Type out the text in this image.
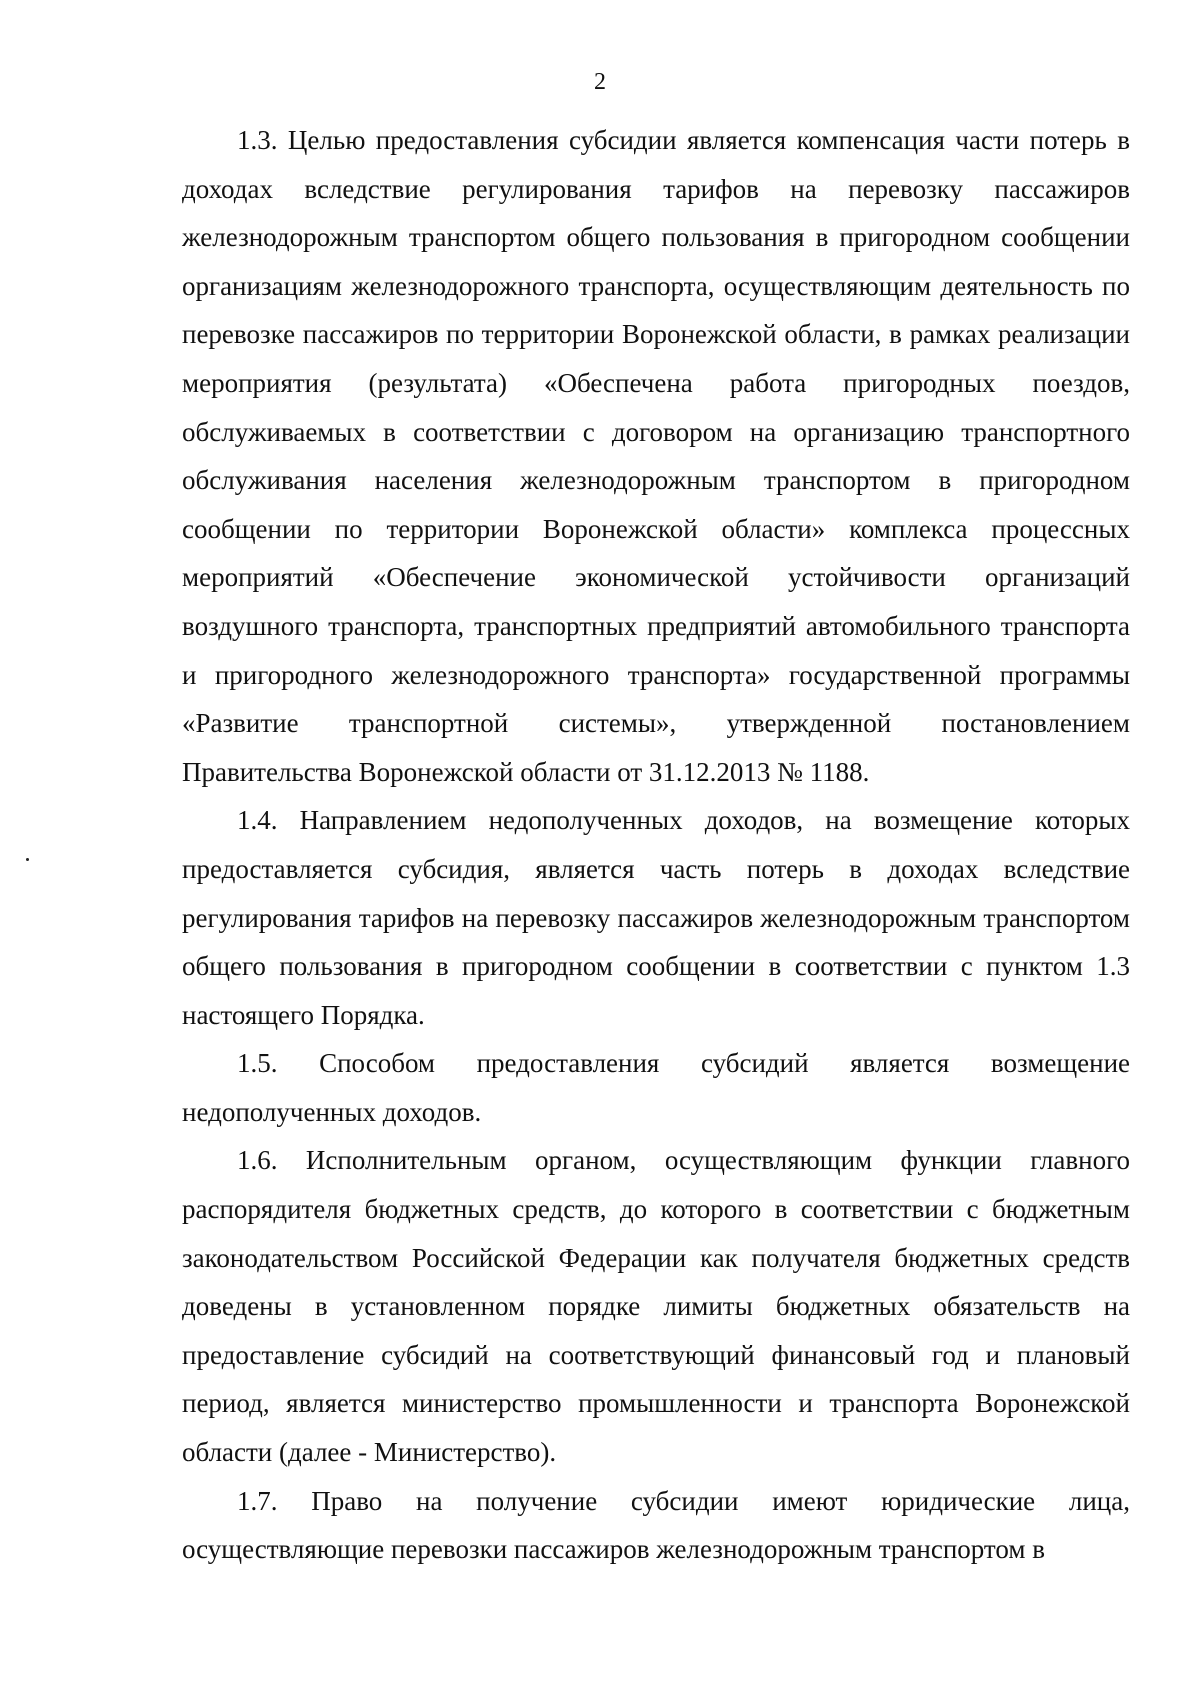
2

1.3. Целью предоставления субсидии является компенсация части потерь в доходах вследствие регулирования тарифов на перевозку пассажиров железнодорожным транспортом общего пользования в пригородном сообщении организациям железнодорожного транспорта, осуществляющим деятельность по перевозке пассажиров по территории Воронежской области, в рамках реализации мероприятия (результата) «Обеспечена работа пригородных поездов, обслуживаемых в соответствии с договором на организацию транспортного обслуживания населения железнодорожным транспортом в пригородном сообщении по территории Воронежской области» комплекса процессных мероприятий «Обеспечение экономической устойчивости организаций воздушного транспорта, транспортных предприятий автомобильного транспорта и пригородного железнодорожного транспорта» государственной программы «Развитие транспортной системы», утвержденной постановлением Правительства Воронежской области от 31.12.2013 № 1188.

1.4. Направлением недополученных доходов, на возмещение которых предоставляется субсидия, является часть потерь в доходах вследствие регулирования тарифов на перевозку пассажиров железнодорожным транспортом общего пользования в пригородном сообщении в соответствии с пунктом 1.3 настоящего Порядка.

1.5. Способом предоставления субсидий является возмещение недополученных доходов.

1.6. Исполнительным органом, осуществляющим функции главного распорядителя бюджетных средств, до которого в соответствии с бюджетным законодательством Российской Федерации как получателя бюджетных средств доведены в установленном порядке лимиты бюджетных обязательств на предоставление субсидий на соответствующий финансовый год и плановый период, является министерство промышленности и транспорта Воронежской области (далее - Министерство).

1.7. Право на получение субсидии имеют юридические лица, осуществляющие перевозки пассажиров железнодорожным транспортом в
